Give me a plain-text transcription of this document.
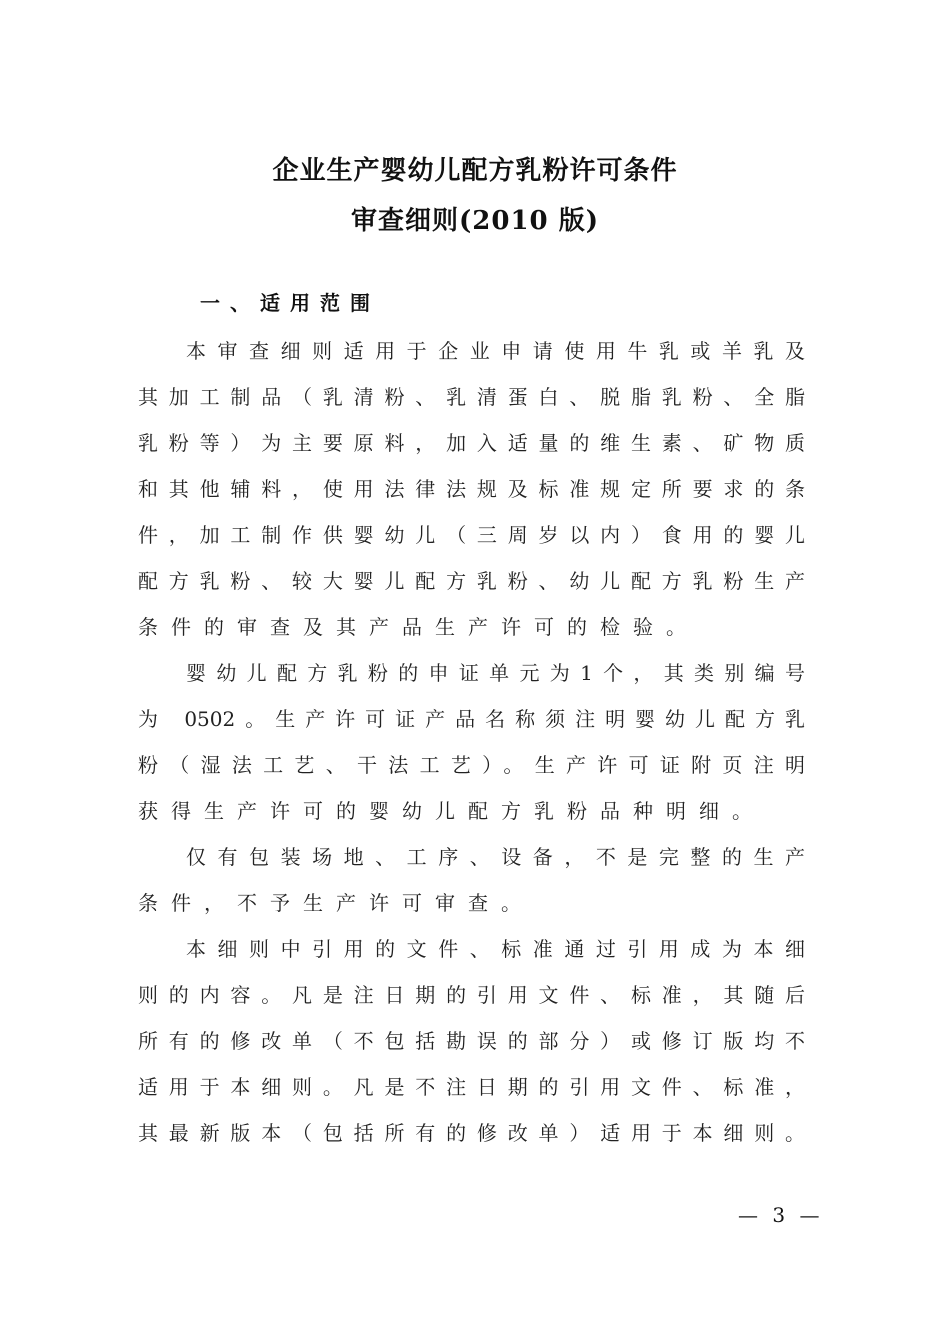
企业生产婴幼儿配方乳粉许可条件
审查细则(2010 版)
一、适用范围
本审查细则适用于企业申请使用牛乳或羊乳及
其加工制品（乳清粉、乳清蛋白、脱脂乳粉、全脂
乳粉等）为主要原料，加入适量的维生素、矿物质
和其他辅料，使用法律法规及标准规定所要求的条
件，加工制作供婴幼儿（三周岁以内）食用的婴儿
配方乳粉、较大婴儿配方乳粉、幼儿配方乳粉生产
条件的审查及其产品生产许可的检验。
婴幼儿配方乳粉的申证单元为1个，其类别编号
为 0502。生产许可证产品名称须注明婴幼儿配方乳
粉（湿法工艺、干法工艺）。生产许可证附页注明
获得生产许可的婴幼儿配方乳粉品种明细。
仅有包装场地、工序、设备，不是完整的生产
条件，不予生产许可审查。
本细则中引用的文件、标准通过引用成为本细
则的内容。凡是注日期的引用文件、标准，其随后
所有的修改单（不包括勘误的部分）或修订版均不
适用于本细则。凡是不注日期的引用文件、标准，
其最新版本（包括所有的修改单）适用于本细则。
— 3 —
